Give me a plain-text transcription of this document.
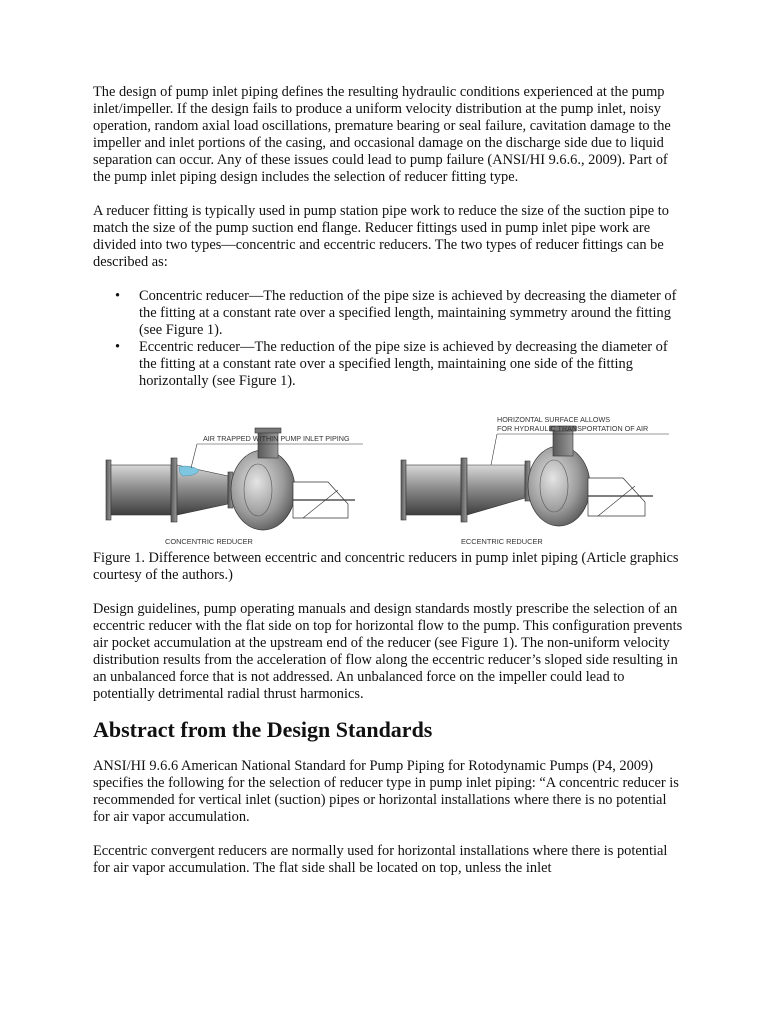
The design of pump inlet piping defines the resulting hydraulic conditions experienced at the pump inlet/impeller. If the design fails to produce a uniform velocity distribution at the pump inlet, noisy operation, random axial load oscillations, premature bearing or seal failure, cavitation damage to the impeller and inlet portions of the casing, and occasional damage on the discharge side due to liquid separation can occur. Any of these issues could lead to pump failure (ANSI/HI 9.6.6., 2009). Part of the pump inlet piping design includes the selection of reducer fitting type.

A reducer fitting is typically used in pump station pipe work to reduce the size of the suction pipe to match the size of the pump suction end flange. Reducer fittings used in pump inlet pipe work are divided into two types—concentric and eccentric reducers. The two types of reducer fittings can be described as:

• Concentric reducer—The reduction of the pipe size is achieved by decreasing the diameter of the fitting at a constant rate over a specified length, maintaining symmetry around the fitting (see Figure 1).
• Eccentric reducer—The reduction of the pipe size is achieved by decreasing the diameter of the fitting at a constant rate over a specified length, maintaining one side of the fitting horizontally (see Figure 1).
AIR TRAPPED WITHIN PUMP INLET PIPING
CONCENTRIC REDUCER
HORIZONTAL SURFACE ALLOWS
FOR HYDRAULIC TRANSPORTATION OF AIR
ECCENTRIC REDUCER

Figure 1. Difference between eccentric and concentric reducers in pump inlet piping (Article graphics courtesy of the authors.)

Design guidelines, pump operating manuals and design standards mostly prescribe the selection of an eccentric reducer with the flat side on top for horizontal flow to the pump. This configuration prevents air pocket accumulation at the upstream end of the reducer (see Figure 1). The non-uniform velocity distribution results from the acceleration of flow along the eccentric reducer’s sloped side resulting in an unbalanced force that is not addressed. An unbalanced force on the impeller could lead to potentially detrimental radial thrust harmonics.

Abstract from the Design Standards

ANSI/HI 9.6.6 American National Standard for Pump Piping for Rotodynamic Pumps (P4, 2009) specifies the following for the selection of reducer type in pump inlet piping: “A concentric reducer is recommended for vertical inlet (suction) pipes or horizontal installations where there is no potential for air vapor accumulation.

Eccentric convergent reducers are normally used for horizontal installations where there is potential for air vapor accumulation. The flat side shall be located on top, unless the inlet
